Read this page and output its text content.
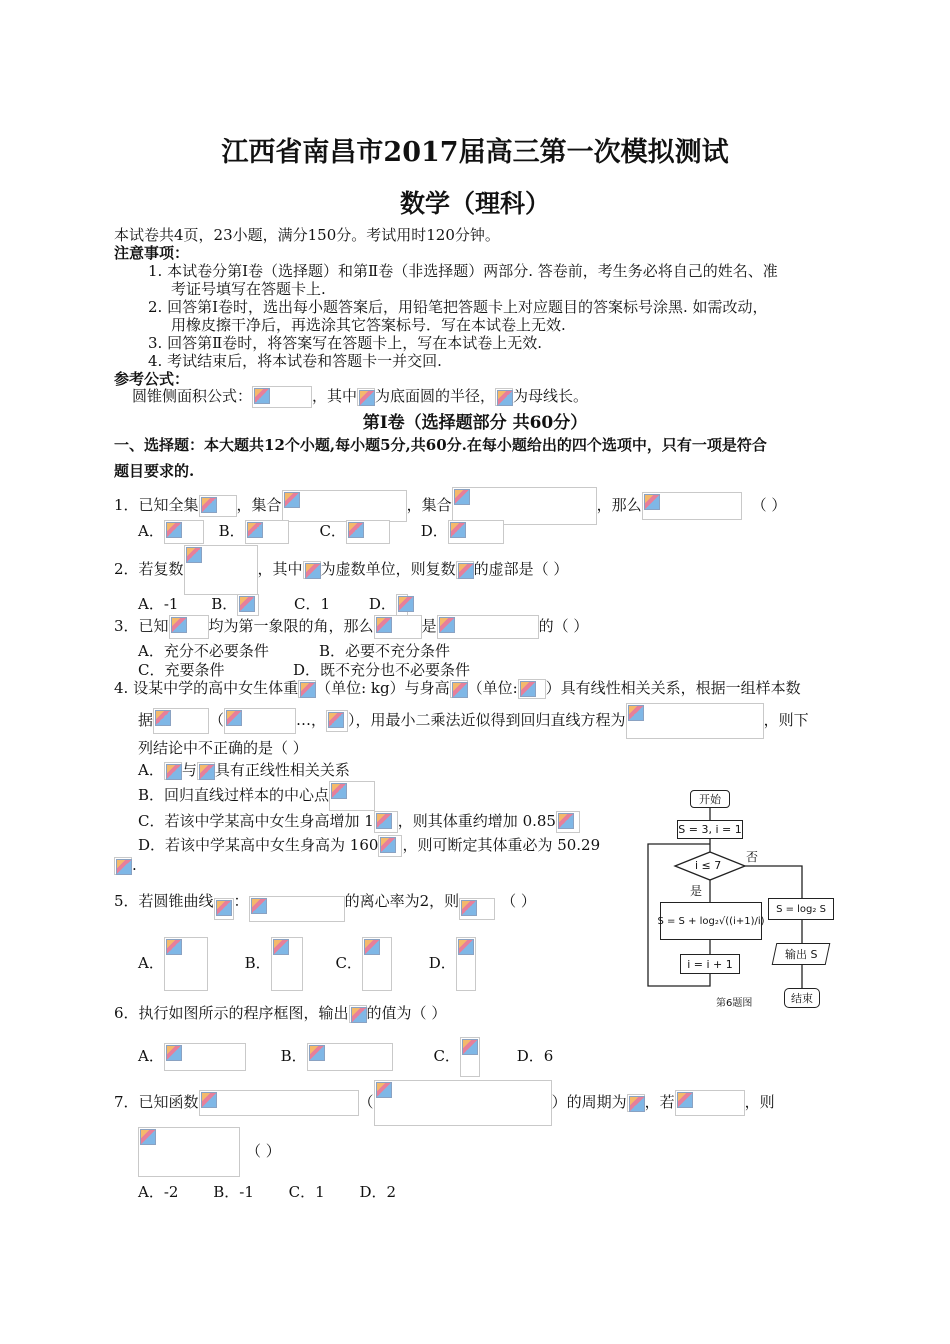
江西省南昌市2017届高三第一次模拟测试
数学（理科）
本试卷共4页，23小题，满分150分。考试用时120分钟。
注意事项：
1. 本试卷分第Ⅰ卷（选择题）和第Ⅱ卷（非选择题）两部分. 答卷前，考生务必将自己的姓名、准
考证号填写在答题卡上.
2. 回答第Ⅰ卷时，选出每小题答案后，用铅笔把答题卡上对应题目的答案标号涂黑. 如需改动，
用橡皮擦干净后，再选涂其它答案标号．写在本试卷上无效.
3. 回答第Ⅱ卷时，将答案写在答题卡上，写在本试卷上无效.
4. 考试结束后，将本试卷和答题卡一并交回.
参考公式：
圆锥侧面积公式：	，其中 为底面圆的半径， 为母线长。
第Ⅰ卷（选择题部分 共60分）
一、选择题：本大题共12个小题,每小题5分,共60分.在每小题给出的四个选项中，只有一项是符合
题目要求的.
1．已知全集	，集合	，集合	，那么	（ ）
A．	B．	C．	D．
2．若复数	，其中 为虚数单位，则复数 的虚部是（ ）
A．-1 B．	C．1	D．
3．已知	均为第一象限的角，那么	是	的（ ）
A．充分不必要条件	B．必要不充分条件
C．充要条件	D．既不充分也不必要条件
4. 设某中学的高中女生体重 （单位: kg）与身高 （单位: ）具有线性相关关系，根据一组样本数
据	（	…， ），用最小二乘法近似得到回归直线方程为	，则下
列结论中不正确的是（ ）
A． 与 具有正线性相关关系
B．回归直线过样本的中心点
C．若该中学某高中女生身高增加 1 ，则其体重约增加 0.85
D．若该中学某高中女生身高为 160 ，则可断定其体重必为 50.29
.
5．若圆锥曲线 ：	的离心率为2，则	（ ）
A．	B．	C．	D．
6．执行如图所示的程序框图，输出 的值为（ ）
A．	B．	C．	D．6
7．已知函数	（	）的周期为 ，若	，则
（ ）
A．-2 B．-1 C．1 D．2
开始
S = 3, i = 1
i ≤ 7
否
是
S = S + log₂√((i+1)/i)
S = log₂ S
i = i + 1
输出 S
结束
第6题图
